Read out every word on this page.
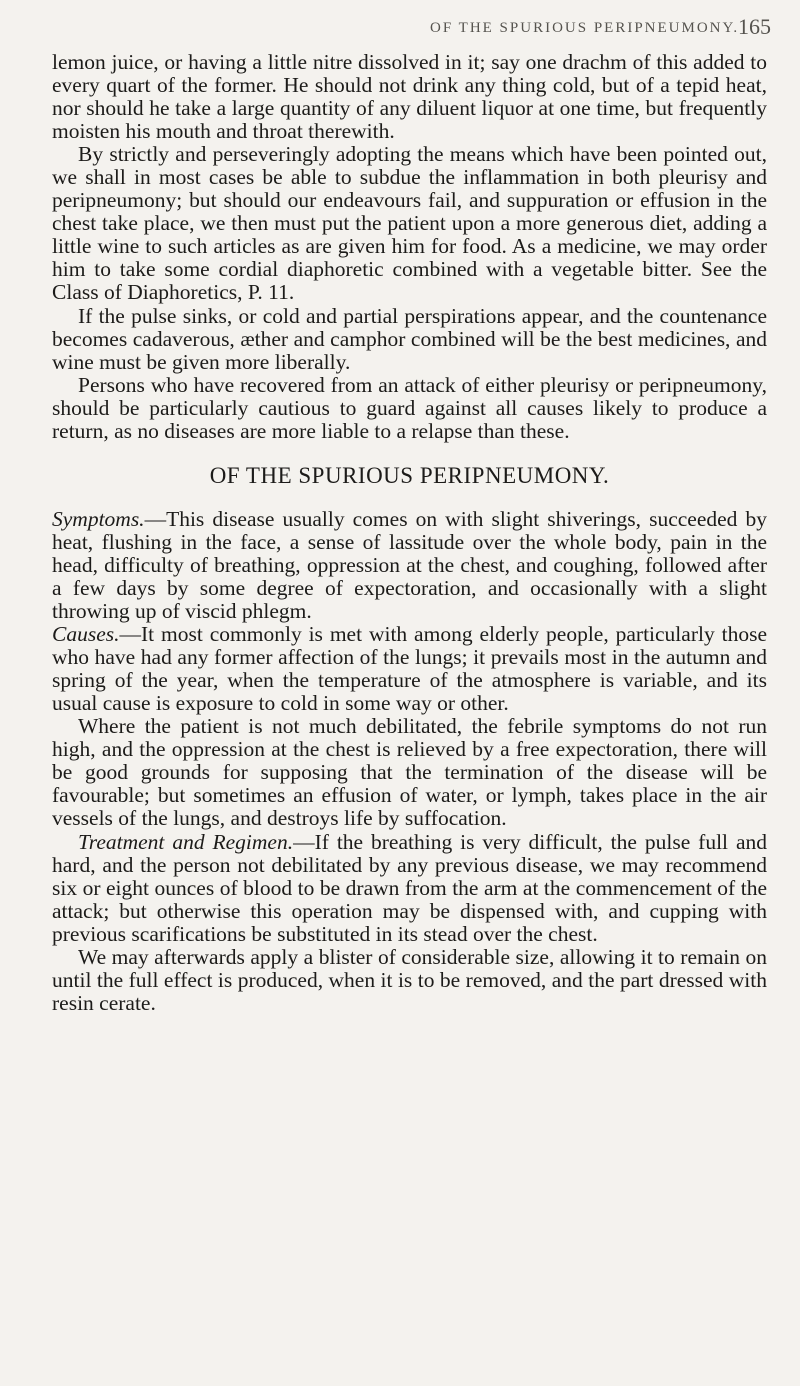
OF THE SPURIOUS PERIPNEUMONY.
165

lemon juice, or having a little nitre dissolved in it; say one drachm of this added to every quart of the former. He should not drink any thing cold, but of a tepid heat, nor should he take a large quantity of any diluent liquor at one time, but frequently moisten his mouth and throat therewith.

By strictly and perseveringly adopting the means which have been pointed out, we shall in most cases be able to subdue the inflammation in both pleurisy and peripneumony; but should our endeavours fail, and suppuration or effusion in the chest take place, we then must put the patient upon a more generous diet, adding a little wine to such articles as are given him for food. As a medicine, we may order him to take some cordial diaphoretic combined with a vegetable bitter. See the Class of Diaphoretics, P. 11.

If the pulse sinks, or cold and partial perspirations appear, and the countenance becomes cadaverous, æther and camphor combined will be the best medicines, and wine must be given more liberally.

Persons who have recovered from an attack of either pleurisy or peripneumony, should be particularly cautious to guard against all causes likely to produce a return, as no diseases are more liable to a relapse than these.

OF THE SPURIOUS PERIPNEUMONY.

Symptoms.—This disease usually comes on with slight shiverings, succeeded by heat, flushing in the face, a sense of lassitude over the whole body, pain in the head, difficulty of breathing, oppression at the chest, and coughing, followed after a few days by some degree of expectoration, and occasionally with a slight throwing up of viscid phlegm.

Causes.—It most commonly is met with among elderly people, particularly those who have had any former affection of the lungs; it prevails most in the autumn and spring of the year, when the temperature of the atmosphere is variable, and its usual cause is exposure to cold in some way or other.

Where the patient is not much debilitated, the febrile symptoms do not run high, and the oppression at the chest is relieved by a free expectoration, there will be good grounds for supposing that the termination of the disease will be favourable; but sometimes an effusion of water, or lymph, takes place in the air vessels of the lungs, and destroys life by suffocation.

Treatment and Regimen.—If the breathing is very difficult, the pulse full and hard, and the person not debilitated by any previous disease, we may recommend six or eight ounces of blood to be drawn from the arm at the commencement of the attack; but otherwise this operation may be dispensed with, and cupping with previous scarifications be substituted in its stead over the chest.

We may afterwards apply a blister of considerable size, allowing it to remain on until the full effect is produced, when it is to be removed, and the part dressed with resin cerate.
